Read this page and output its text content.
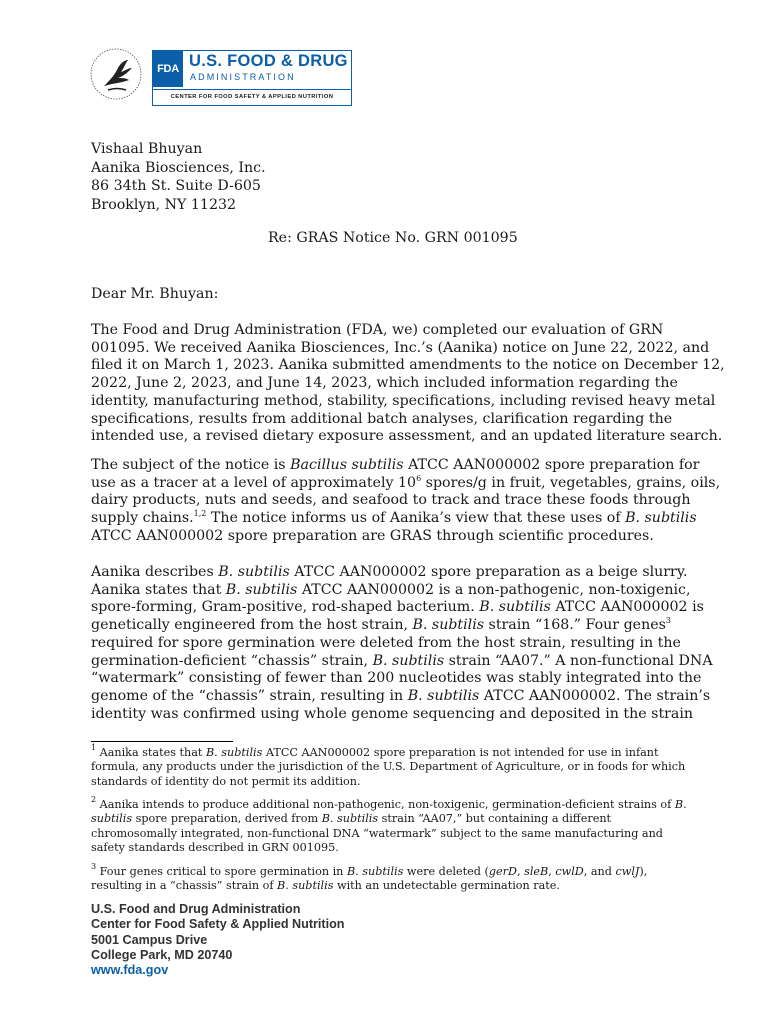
FDA U.S. FOOD & DRUG
ADMINISTRATION
CENTER FOR FOOD SAFETY & APPLIED NUTRITION
Vishaal Bhuyan
Aanika Biosciences, Inc.
86 34th St. Suite D-605
Brooklyn, NY 11232
Re: GRAS Notice No. GRN 001095
Dear Mr. Bhuyan:
The Food and Drug Administration (FDA, we) completed our evaluation of GRN
001095. We received Aanika Biosciences, Inc.’s (Aanika) notice on June 22, 2022, and
filed it on March 1, 2023. Aanika submitted amendments to the notice on December 12,
2022, June 2, 2023, and June 14, 2023, which included information regarding the
identity, manufacturing method, stability, specifications, including revised heavy metal
specifications, results from additional batch analyses, clarification regarding the
intended use, a revised dietary exposure assessment, and an updated literature search.
The subject of the notice is Bacillus subtilis ATCC AAN000002 spore preparation for
use as a tracer at a level of approximately $10^6$ spores/g in fruit, vegetables, grains, oils,
dairy products, nuts and seeds, and seafood to track and trace these foods through
supply chains.$^{1,2}$ The notice informs us of Aanika’s view that these uses of B. subtilis
ATCC AAN000002 spore preparation are GRAS through scientific procedures.
Aanika describes B. subtilis ATCC AAN000002 spore preparation as a beige slurry.
Aanika states that B. subtilis ATCC AAN000002 is a non-pathogenic, non-toxigenic,
spore-forming, Gram-positive, rod-shaped bacterium. B. subtilis ATCC AAN000002 is
genetically engineered from the host strain, B. subtilis strain “168.” Four genes$^3$
required for spore germination were deleted from the host strain, resulting in the
germination-deficient “chassis” strain, B. subtilis strain “AA07.” A non-functional DNA
“watermark” consisting of fewer than 200 nucleotides was stably integrated into the
genome of the “chassis” strain, resulting in B. subtilis ATCC AAN000002. The strain’s
identity was confirmed using whole genome sequencing and deposited in the strain
$^1$ Aanika states that B. subtilis ATCC AAN000002 spore preparation is not intended for use in infant
formula, any products under the jurisdiction of the U.S. Department of Agriculture, or in foods for which
standards of identity do not permit its addition.
$^2$ Aanika intends to produce additional non-pathogenic, non-toxigenic, germination-deficient strains of B.
subtilis spore preparation, derived from B. subtilis strain “AA07,” but containing a different
chromosomally integrated, non-functional DNA “watermark” subject to the same manufacturing and
safety standards described in GRN 001095.
$^3$ Four genes critical to spore germination in B. subtilis were deleted (gerD, sleB, cwlD, and cwlJ),
resulting in a “chassis” strain of B. subtilis with an undetectable germination rate.
U.S. Food and Drug Administration
Center for Food Safety & Applied Nutrition
5001 Campus Drive
College Park, MD 20740
www.fda.gov
